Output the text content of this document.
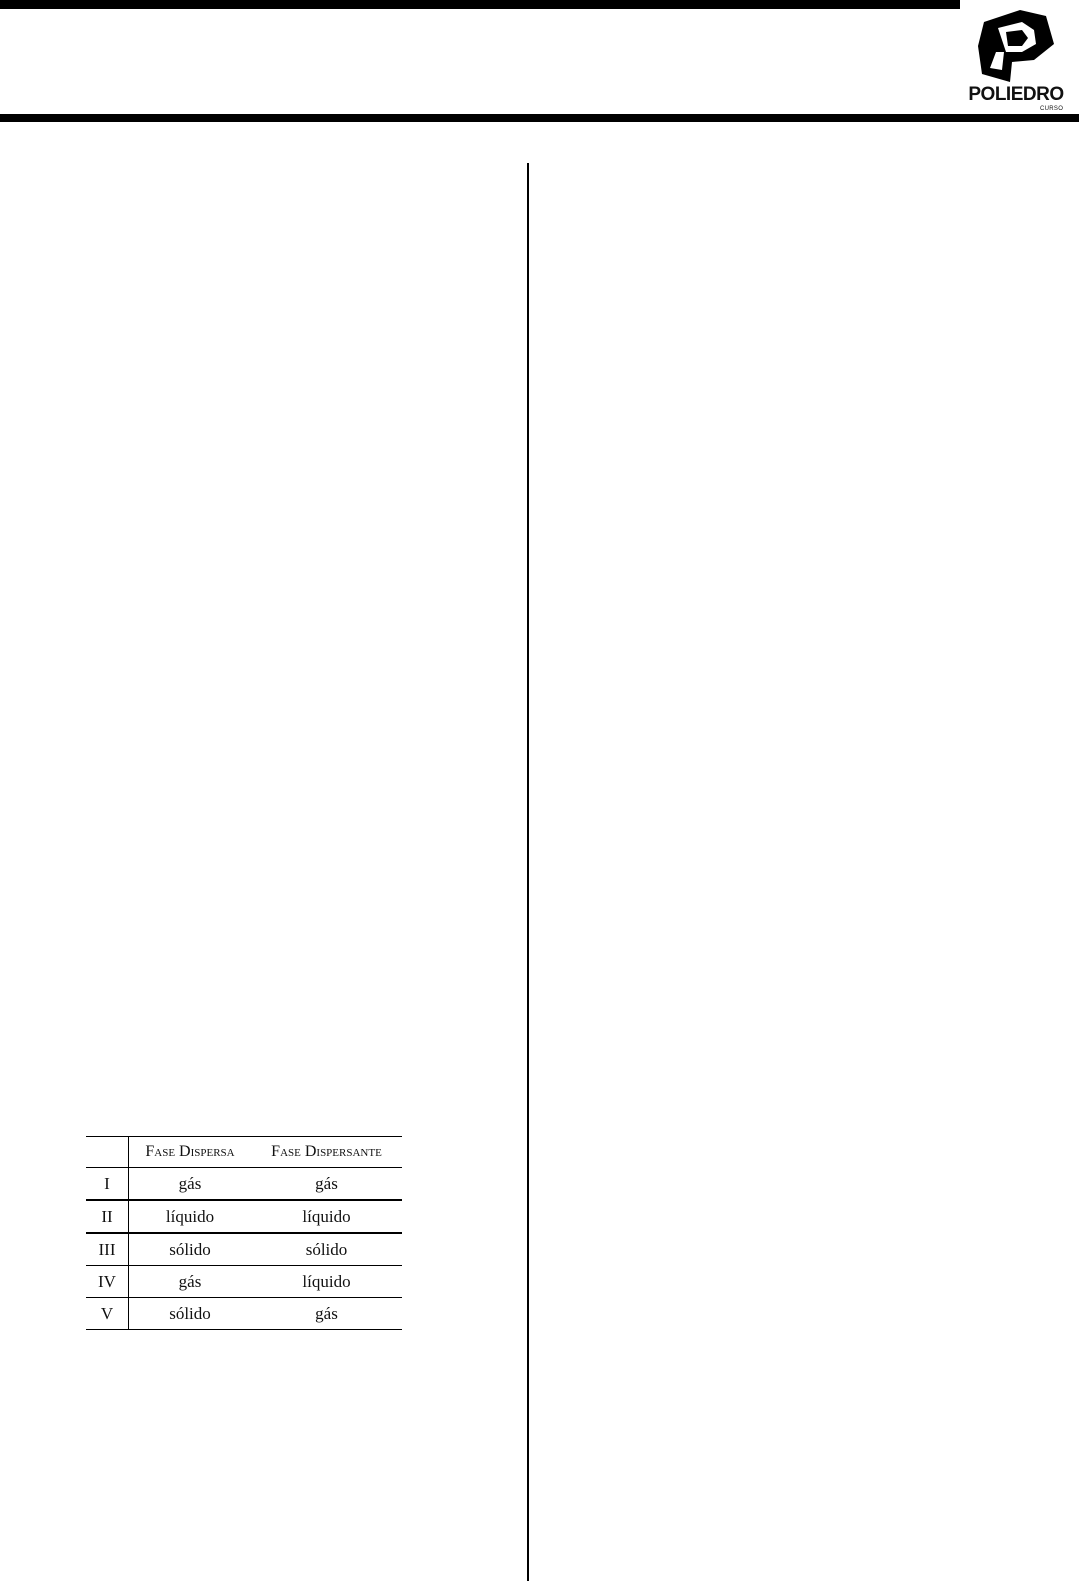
POLIEDRO
CURSO
	Fase Dispersa	Fase Dispersante
I	gás	gás
II	líquido	líquido
III	sólido	sólido
IV	gás	líquido
V	sólido	gás
